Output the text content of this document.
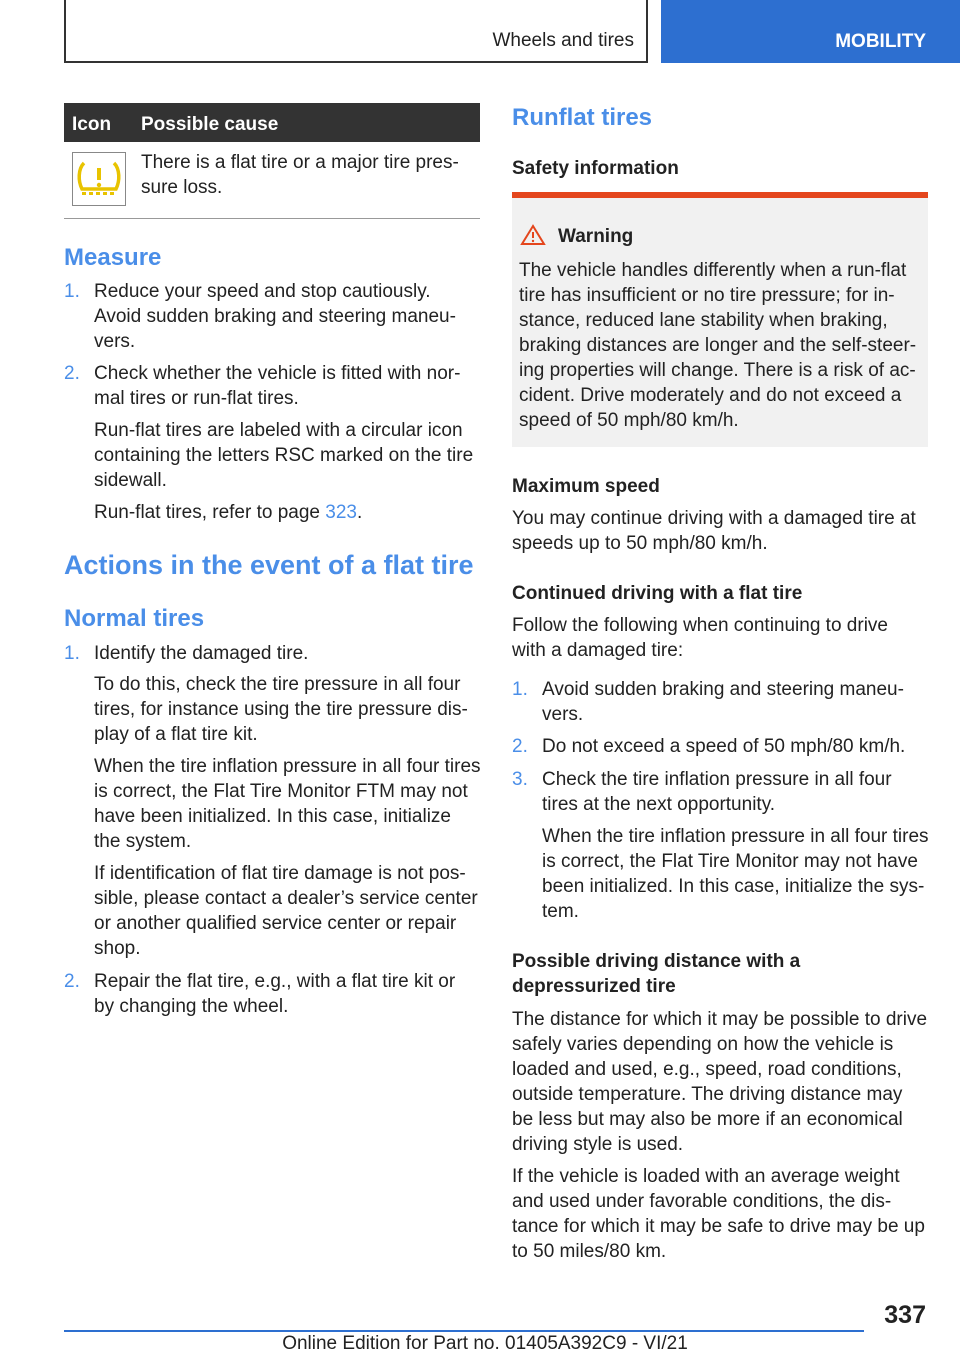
Wheels and tires	MOBILITY
Icon Possible cause
There is a flat tire or a major tire pres-sure loss.
Measure
1. Reduce your speed and stop cautiously. Avoid sudden braking and steering maneu-vers.
2. Check whether the vehicle is fitted with nor-mal tires or run-flat tires.
Run-flat tires are labeled with a circular icon containing the letters RSC marked on the tire sidewall.
Run-flat tires, refer to page 323.
Actions in the event of a flat tire
Normal tires
1. Identify the damaged tire.
To do this, check the tire pressure in all four tires, for instance using the tire pressure dis-play of a flat tire kit.
When the tire inflation pressure in all four tires is correct, the Flat Tire Monitor FTM may not have been initialized. In this case, initialize the system.
If identification of flat tire damage is not pos-sible, please contact a dealer’s service center or another qualified service center or repair shop.
2. Repair the flat tire, e.g., with a flat tire kit or by changing the wheel.
Runflat tires
Safety information
Warning
The vehicle handles differently when a run-flat tire has insufficient or no tire pressure; for in-stance, reduced lane stability when braking, braking distances are longer and the self-steer-ing properties will change. There is a risk of ac-cident. Drive moderately and do not exceed a speed of 50 mph/80 km/h.
Maximum speed
You may continue driving with a damaged tire at speeds up to 50 mph/80 km/h.
Continued driving with a flat tire
Follow the following when continuing to drive with a damaged tire:
1. Avoid sudden braking and steering maneu-vers.
2. Do not exceed a speed of 50 mph/80 km/h.
3. Check the tire inflation pressure in all four tires at the next opportunity.
When the tire inflation pressure in all four tires is correct, the Flat Tire Monitor may not have been initialized. In this case, initialize the sys-tem.
Possible driving distance with a depressurized tire
The distance for which it may be possible to drive safely varies depending on how the vehicle is loaded and used, e.g., speed, road conditions, outside temperature. The driving distance may be less but may also be more if an economical driving style is used.
If the vehicle is loaded with an average weight and used under favorable conditions, the dis-tance for which it may be safe to drive may be up to 50 miles/80 km.
337
Online Edition for Part no. 01405A392C9 - VI/21
